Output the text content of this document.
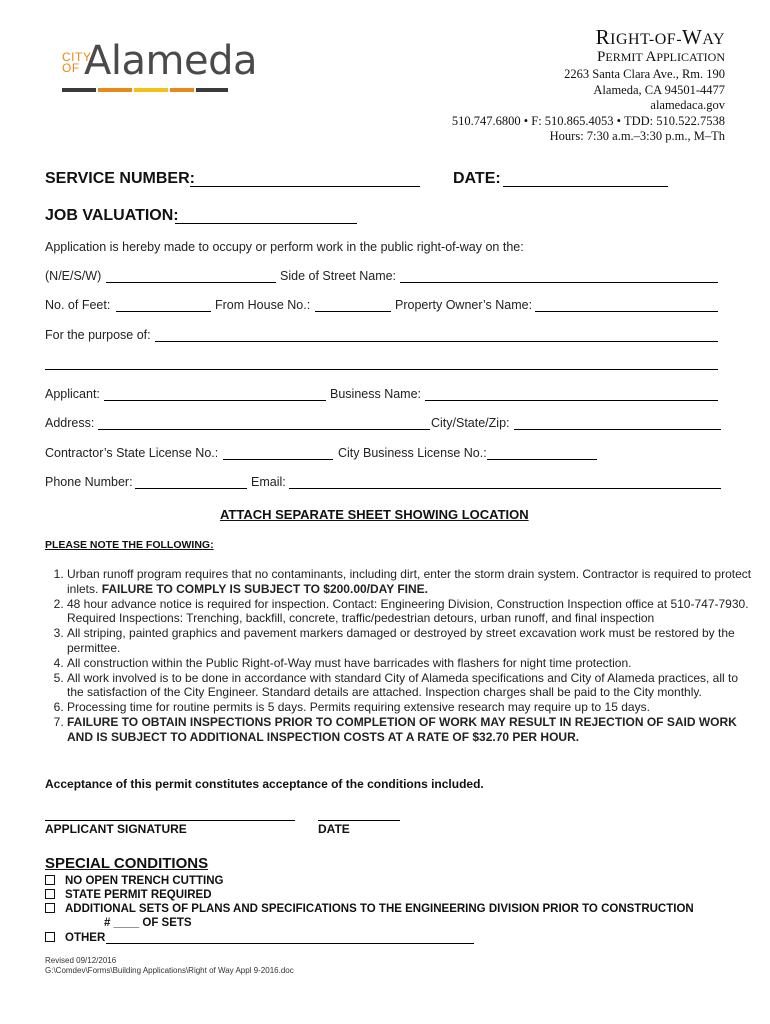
CITY
OF Alameda
RIGHT-OF-WAY
PERMIT APPLICATION
2263 Santa Clara Ave., Rm. 190
Alameda, CA 94501-4477
alamedaca.gov
510.747.6800 • F: 510.865.4053 • TDD: 510.522.7538
Hours: 7:30 a.m.–3:30 p.m., M–Th
SERVICE NUMBER:	DATE:
JOB VALUATION:
Application is hereby made to occupy or perform work in the public right-of-way on the:
(N/E/S/W)	Side of Street Name:
No. of Feet:	From House No.:	Property Owner’s Name:
For the purpose of:
Applicant:	Business Name:
Address:	City/State/Zip:
Contractor’s State License No.:	City Business License No.:
Phone Number:	Email:
ATTACH SEPARATE SHEET SHOWING LOCATION
PLEASE NOTE THE FOLLOWING:
1. Urban runoff program requires that no contaminants, including dirt, enter the storm drain system. Contractor is required to protect inlets. FAILURE TO COMPLY IS SUBJECT TO $200.00/DAY FINE.
2. 48 hour advance notice is required for inspection. Contact: Engineering Division, Construction Inspection office at 510-747-7930. Required Inspections: Trenching, backfill, concrete, traffic/pedestrian detours, urban runoff, and final inspection
3. All striping, painted graphics and pavement markers damaged or destroyed by street excavation work must be restored by the permittee.
4. All construction within the Public Right-of-Way must have barricades with flashers for night time protection.
5. All work involved is to be done in accordance with standard City of Alameda specifications and City of Alameda practices, all to the satisfaction of the City Engineer. Standard details are attached. Inspection charges shall be paid to the City monthly.
6. Processing time for routine permits is 5 days. Permits requiring extensive research may require up to 15 days.
7. FAILURE TO OBTAIN INSPECTIONS PRIOR TO COMPLETION OF WORK MAY RESULT IN REJECTION OF SAID WORK AND IS SUBJECT TO ADDITIONAL INSPECTION COSTS AT A RATE OF $32.70 PER HOUR.
Acceptance of this permit constitutes acceptance of the conditions included.
APPLICANT SIGNATURE	DATE
SPECIAL CONDITIONS
NO OPEN TRENCH CUTTING
STATE PERMIT REQUIRED
ADDITIONAL SETS OF PLANS AND SPECIFICATIONS TO THE ENGINEERING DIVISION PRIOR TO CONSTRUCTION
# ____ OF SETS
OTHER
Revised 09/12/2016
G:\Comdev\Forms\Building Applications\Right of Way Appl 9-2016.doc
